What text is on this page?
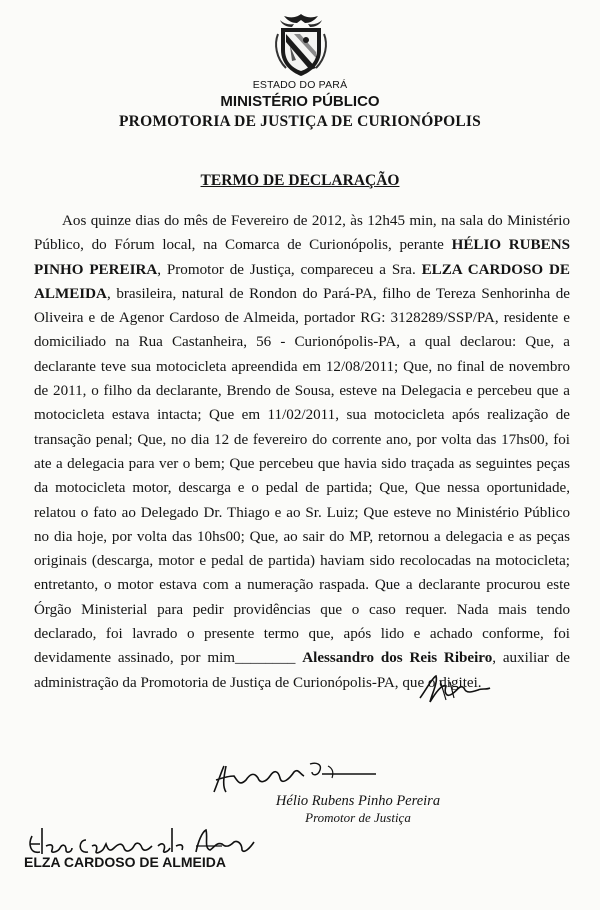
ESTADO DO PARÁ
MINISTÉRIO PÚBLICO
PROMOTORIA DE JUSTIÇA DE CURIONÓPOLIS
TERMO DE DECLARAÇÃO
Aos quinze dias do mês de Fevereiro de 2012, às 12h45 min, na sala do Ministério Público, do Fórum local, na Comarca de Curionópolis, perante HÉLIO RUBENS PINHO PEREIRA, Promotor de Justiça, compareceu a Sra. ELZA CARDOSO DE ALMEIDA, brasileira, natural de Rondon do Pará-PA, filho de Tereza Senhorinha de Oliveira e de Agenor Cardoso de Almeida, portador RG: 3128289/SSP/PA, residente e domiciliado na Rua Castanheira, 56 - Curionópolis-PA, a qual declarou: Que, a declarante teve sua motocicleta apreendida em 12/08/2011; Que, no final de novembro de 2011, o filho da declarante, Brendo de Sousa, esteve na Delegacia e percebeu que a motocicleta estava intacta; Que em 11/02/2011, sua motocicleta após realização de transação penal; Que, no dia 12 de fevereiro do corrente ano, por volta das 17hs00, foi ate a delegacia para ver o bem; Que percebeu que havia sido traçada as seguintes peças da motocicleta motor, descarga e o pedal de partida; Que, Que nessa oportunidade, relatou o fato ao Delegado Dr. Thiago e ao Sr. Luiz; Que esteve no Ministério Público no dia hoje, por volta das 10hs00; Que, ao sair do MP, retornou a delegacia e as peças originais (descarga, motor e pedal de partida) haviam sido recolocadas na motocicleta; entretanto, o motor estava com a numeração raspada. Que a declarante procurou este Órgão Ministerial para pedir providências que o caso requer. Nada mais tendo declarado, foi lavrado o presente termo que, após lido e achado conforme, foi devidamente assinado, por mim________ Alessandro dos Reis Ribeiro, auxiliar de administração da Promotoria de Justiça de Curionópolis-PA, que o digitei.
Hélio Rubens Pinho Pereira
Promotor de Justiça
ELZA CARDOSO DE ALMEIDA
